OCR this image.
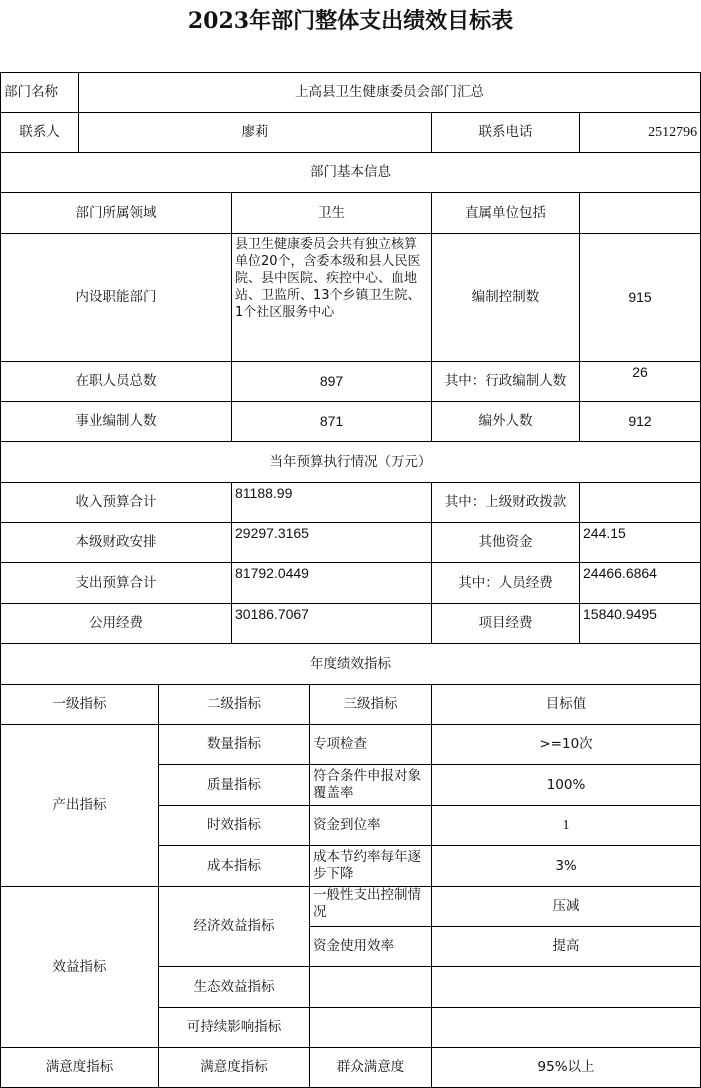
2023年部门整体支出绩效目标表
部门名称	上高县卫生健康委员会部门汇总					
联系人	廖莉				联系电话	2512796
部门基本信息						
部门所属领域			卫生		直属单位包括	
内设职能部门			县卫生健康委员会共有独立核算单位20个，含委本级和县人民医院、县中医院、疾控中心、血地站、卫监所、13个乡镇卫生院、1个社区服务中心		编制控制数	915
在职人员总数			897		其中：行政编制人数	26
事业编制人数			871		编外人数	912
当年预算执行情况（万元）						
收入预算合计			81188.99		其中：上级财政拨款	
本级财政安排			29297.3165		其他资金	244.15
支出预算合计			81792.0449		其中：人员经费	24466.6864
公用经费			30186.7067		项目经费	15840.9495
年度绩效指标						
一级指标		二级指标		三级指标	目标值	
产出指标		数量指标		专项检查	>=10次	
		质量指标		符合条件申报对象覆盖率	100%	
		时效指标		资金到位率	1	
		成本指标		成本节约率每年逐步下降	3%	
效益指标		经济效益指标		一般性支出控制情况	压减	
				资金使用效率	提高	
		生态效益指标				
		可持续影响指标				
满意度指标		满意度指标		群众满意度	95%以上	
